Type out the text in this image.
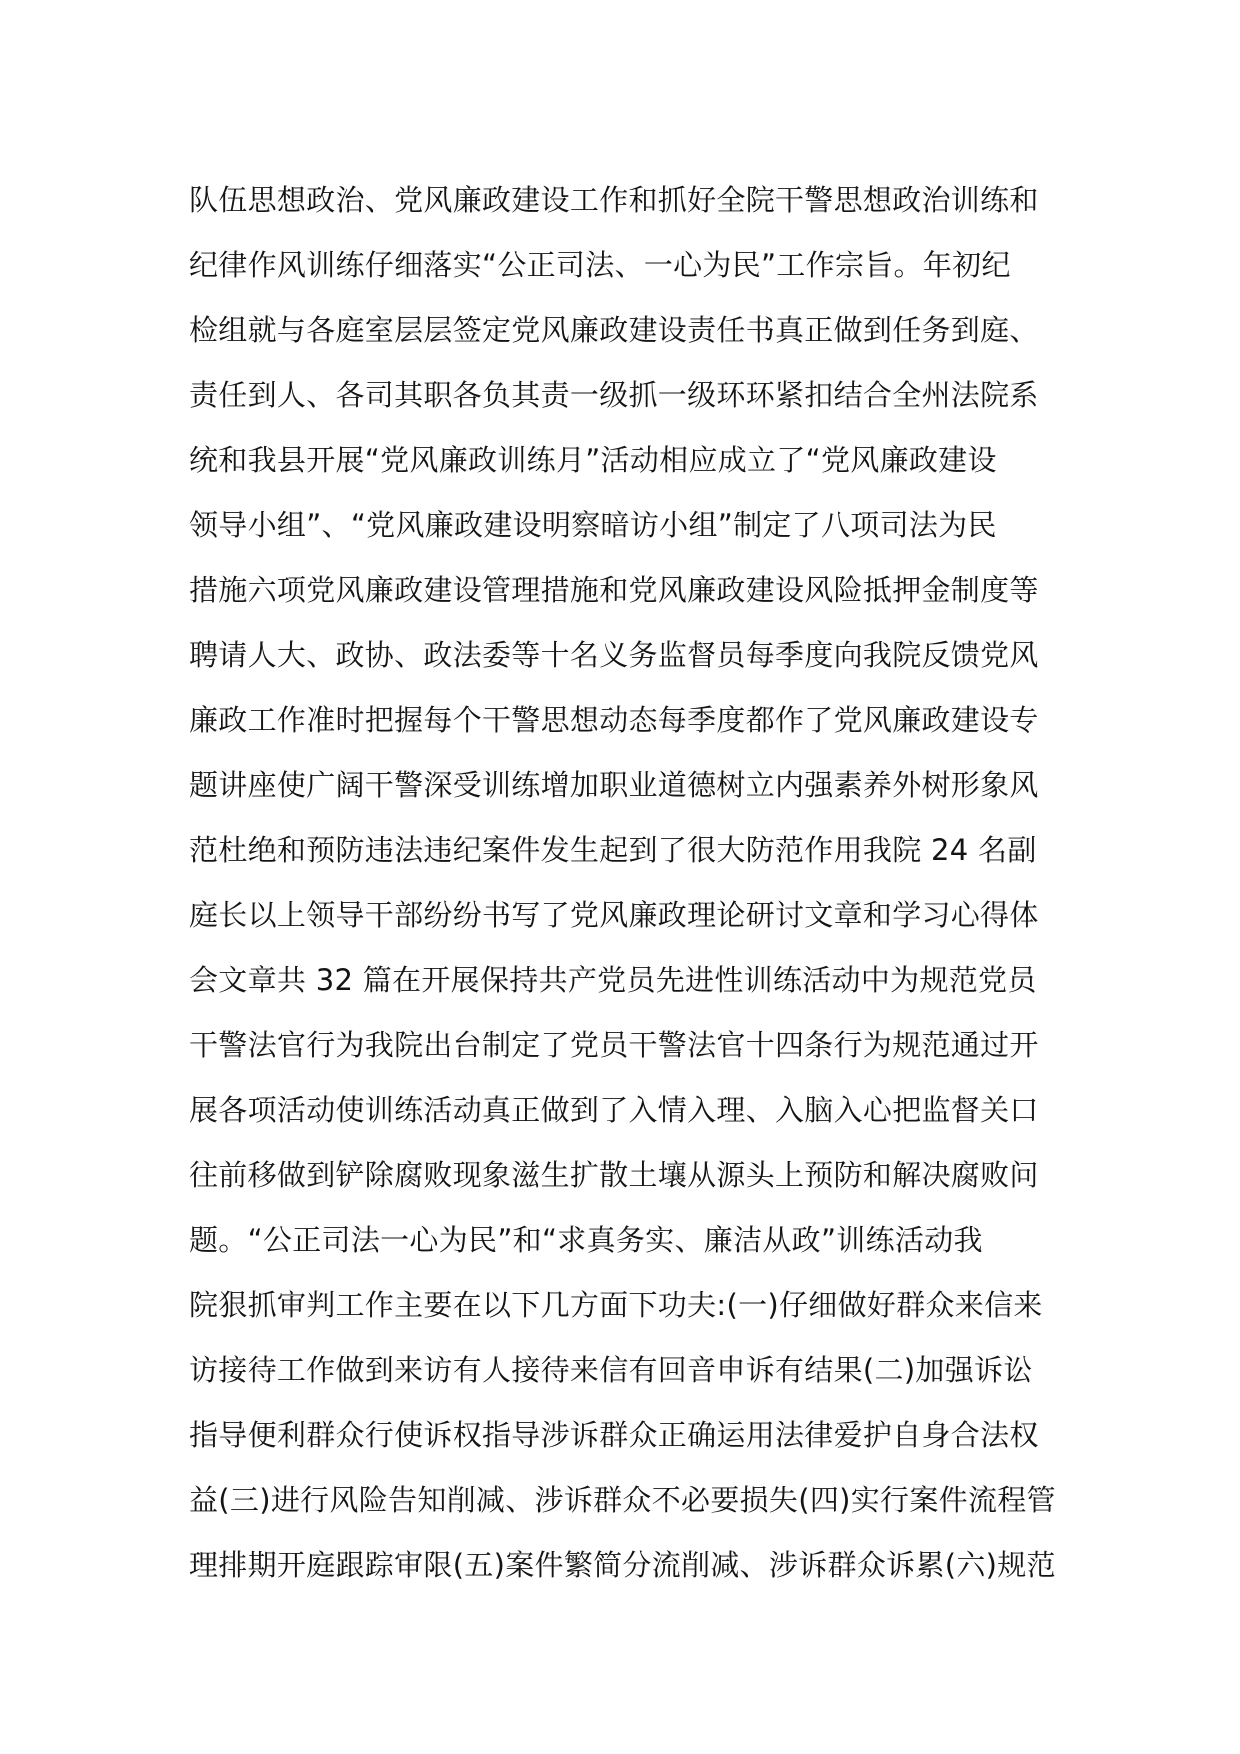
队伍思想政治、党风廉政建设工作和抓好全院干警思想政治训练和
纪律作风训练仔细落实“公正司法、一心为民”工作宗旨。年初纪
检组就与各庭室层层签定党风廉政建设责任书真正做到任务到庭、
责任到人、各司其职各负其责一级抓一级环环紧扣结合全州法院系
统和我县开展“党风廉政训练月”活动相应成立了“党风廉政建设
领导小组”、“党风廉政建设明察暗访小组”制定了八项司法为民
措施六项党风廉政建设管理措施和党风廉政建设风险抵押金制度等
聘请人大、政协、政法委等十名义务监督员每季度向我院反馈党风
廉政工作准时把握每个干警思想动态每季度都作了党风廉政建设专
题讲座使广阔干警深受训练增加职业道德树立内强素养外树形象风
范杜绝和预防违法违纪案件发生起到了很大防范作用我院 24 名副
庭长以上领导干部纷纷书写了党风廉政理论研讨文章和学习心得体
会文章共 32 篇在开展保持共产党员先进性训练活动中为规范党员
干警法官行为我院出台制定了党员干警法官十四条行为规范通过开
展各项活动使训练活动真正做到了入情入理、入脑入心把监督关口
往前移做到铲除腐败现象滋生扩散土壤从源头上预防和解决腐败问
题。“公正司法一心为民”和“求真务实、廉洁从政”训练活动我
院狠抓审判工作主要在以下几方面下功夫:(一)仔细做好群众来信来
访接待工作做到来访有人接待来信有回音申诉有结果(二)加强诉讼
指导便利群众行使诉权指导涉诉群众正确运用法律爱护自身合法权
益(三)进行风险告知削减、涉诉群众不必要损失(四)实行案件流程管
理排期开庭跟踪审限(五)案件繁简分流削减、涉诉群众诉累(六)规范
